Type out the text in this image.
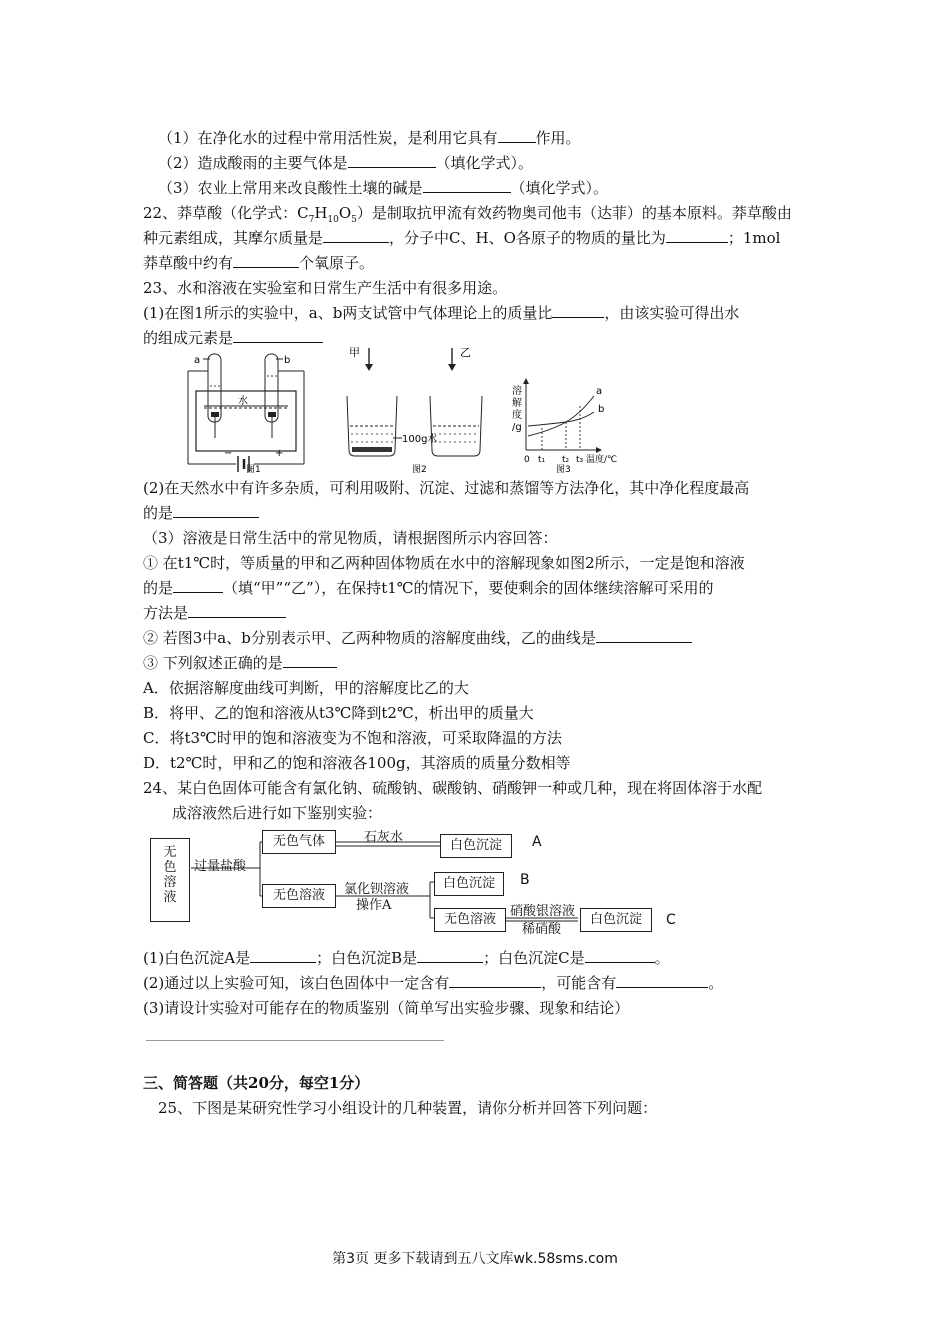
（1）在净化水的过程中常用活性炭，是利用它具有	作用。
（2）造成酸雨的主要气体是	（填化学式）。
（3）农业上常用来改良酸性土壤的碱是	（填化学式）。
22、莽草酸（化学式：$C_7H_{10}O_5$）是制取抗甲流有效药物奥司他韦（达菲）的基本原料。莽草酸由
种元素组成，其摩尔质量是	，分子中C、H、O各原子的物质的量比为	；1mol
莽草酸中约有	个氧原子。
23、水和溶液在实验室和日常生产生活中有很多用途。
(1)在图1所示的实验中，a、b两支试管中气体理论上的质量比	，由该实验可得出水
的组成元素是
a	b
水
−	+
图1
甲
100g水
乙
图2
溶
解
度
/g
a
b
0 t₁ t₂ t₃ 温度/℃
图3
(2)在天然水中有许多杂质，可利用吸附、沉淀、过滤和蒸馏等方法净化，其中净化程度最高
的是
（3）溶液是日常生活中的常见物质，请根据图所示内容回答：
① 在t1℃时，等质量的甲和乙两种固体物质在水中的溶解现象如图2所示，一定是饱和溶液
的是	（填“甲”“乙”），在保持t1℃的情况下，要使剩余的固体继续溶解可采用的
方法是
② 若图3中a、b分别表示甲、乙两种物质的溶解度曲线，乙的曲线是
③ 下列叙述正确的是
A．依据溶解度曲线可判断，甲的溶解度比乙的大
B．将甲、乙的饱和溶液从t3℃降到t2℃，析出甲的质量大
C．将t3℃时甲的饱和溶液变为不饱和溶液，可采取降温的方法
D．t2℃时，甲和乙的饱和溶液各100g，其溶质的质量分数相等
24、某白色固体可能含有氯化钠、硫酸钠、碳酸钠、硝酸钾一种或几种，现在将固体溶于水配
成溶液然后进行如下鉴别实验：
无色溶液
过量盐酸
无色气体	石灰水
白色沉淀	A
无色溶液	氯化钡溶液
操作A
白色沉淀	B
无色溶液
硝酸银溶液
稀硝酸
白色沉淀	C
(1)白色沉淀A是	；白色沉淀B是	；白色沉淀C是	。
(2)通过以上实验可知，该白色固体中一定含有	，可能含有	。
(3)请设计实验对可能存在的物质鉴别（简单写出实验步骤、现象和结论）
三、简答题（共20分，每空1分）
25、下图是某研究性学习小组设计的几种装置，请你分析并回答下列问题：
第3页 更多下载请到五八文库wk.58sms.com
